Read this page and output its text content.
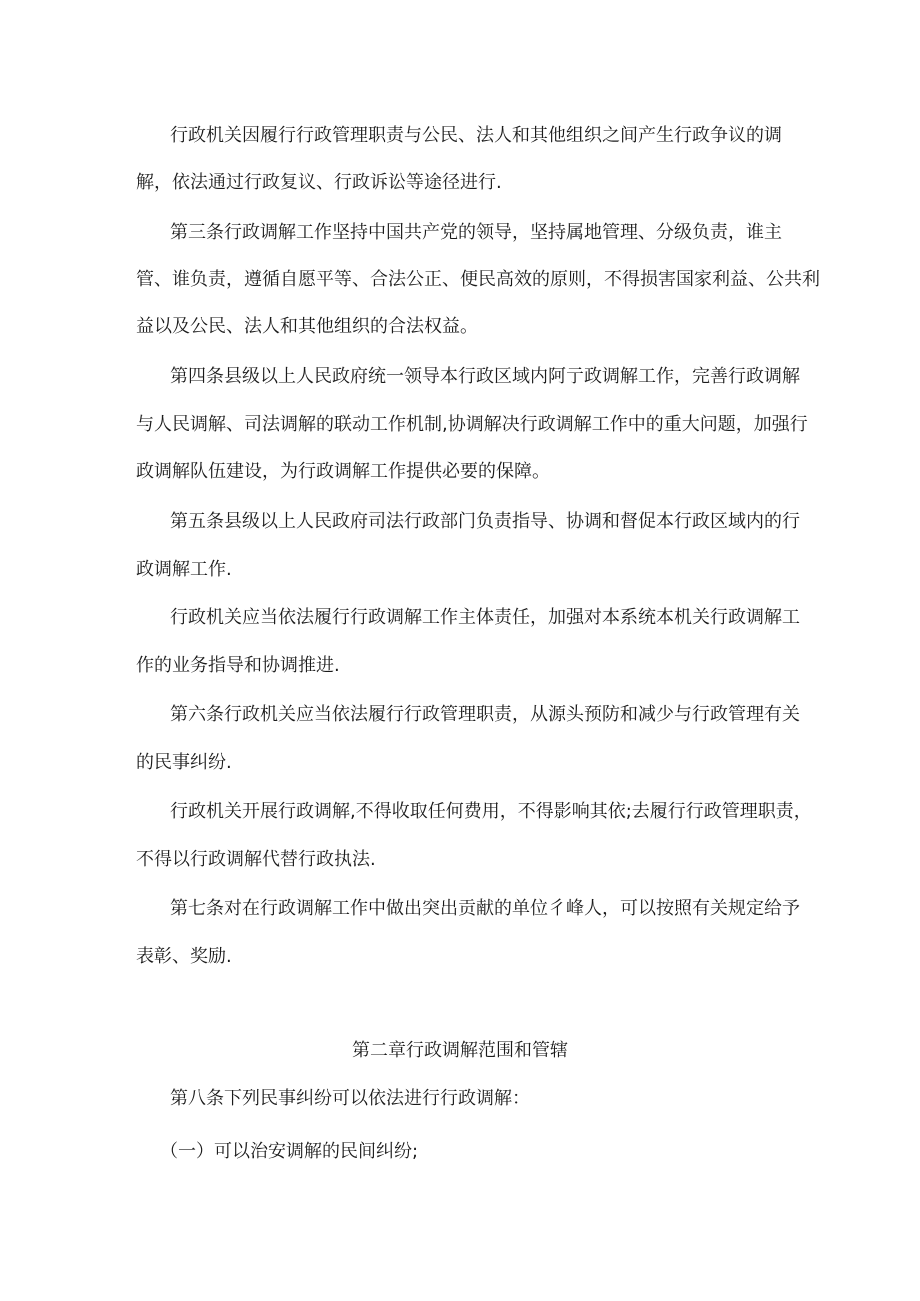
行政机关因履行行政管理职责与公民、法人和其他组织之间产生行政争议的调
解，依法通过行政复议、行政诉讼等途径进行.
第三条行政调解工作坚持中国共产党的领导，坚持属地管理、分级负责，谁主
管、谁负责，遵循自愿平等、合法公正、便民高效的原则，不得损害国家利益、公共利
益以及公民、法人和其他组织的合法权益。
第四条县级以上人民政府统一领导本行政区域内阿亍政调解工作，完善行政调解
与人民调解、司法调解的联动工作机制,协调解决行政调解工作中的重大问题，加强行
政调解队伍建设，为行政调解工作提供必要的保障。
第五条县级以上人民政府司法行政部门负责指导、协调和督促本行政区域内的行
政调解工作.
行政机关应当依法履行行政调解工作主体责任，加强对本系统本机关行政调解工
作的业务指导和协调推进.
第六条行政机关应当依法履行行政管理职责，从源头预防和减少与行政管理有关
的民事纠纷.
行政机关开展行政调解,不得收取任何费用，不得影响其依;去履行行政管理职责，
不得以行政调解代替行政执法.
第七条对在行政调解工作中做出突出贡献的单位彳峰人，可以按照有关规定给予
表彰、奖励.
第二章行政调解范围和管辖
第八条下列民事纠纷可以依法进行行政调解：
（一）可以治安调解的民间纠纷;
